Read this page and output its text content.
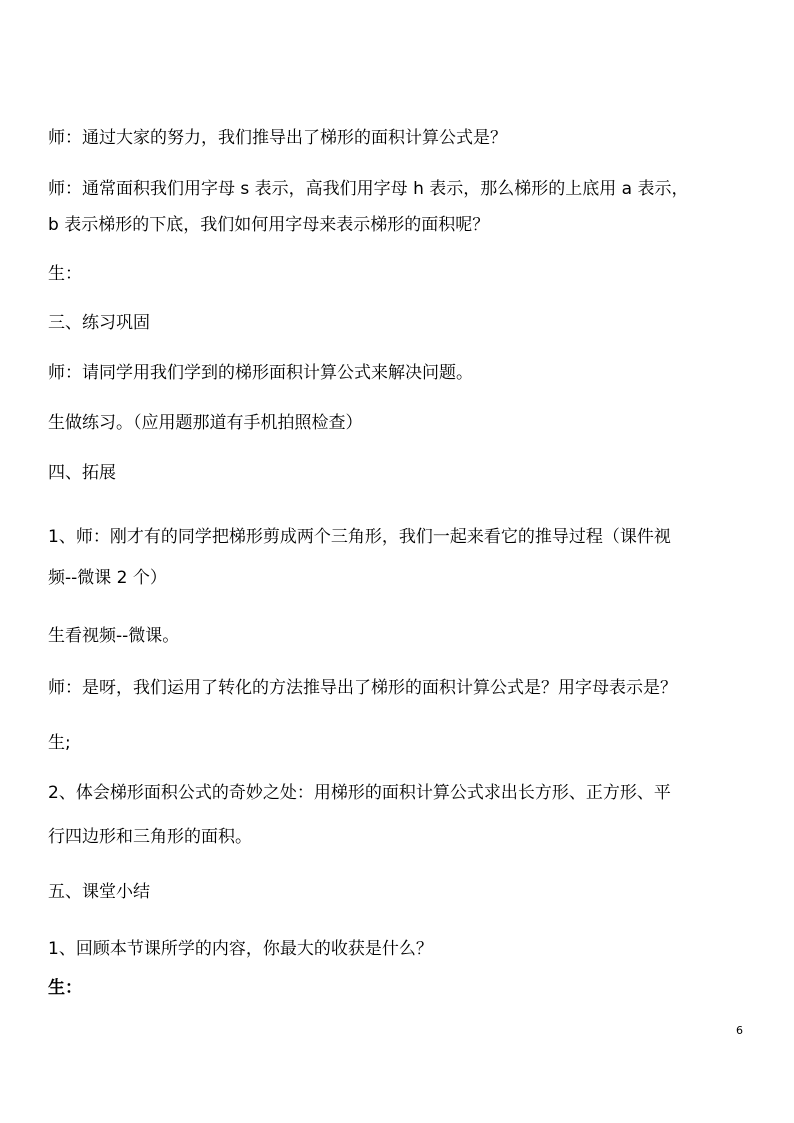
师：通过大家的努力，我们推导出了梯形的面积计算公式是？
师：通常面积我们用字母 s 表示，高我们用字母 h 表示，那么梯形的上底用 a 表示，
b 表示梯形的下底，我们如何用字母来表示梯形的面积呢？
生：
三、练习巩固
师：请同学用我们学到的梯形面积计算公式来解决问题。
生做练习。（应用题那道有手机拍照检查）
四、拓展
1、师：刚才有的同学把梯形剪成两个三角形，我们一起来看它的推导过程（课件视
频--微课 2 个）
生看视频--微课。
师：是呀，我们运用了转化的方法推导出了梯形的面积计算公式是？用字母表示是？
生;
2、体会梯形面积公式的奇妙之处：用梯形的面积计算公式求出长方形、正方形、平
行四边形和三角形的面积。
五、课堂小结
1、回顾本节课所学的内容，你最大的收获是什么？
生：
6
